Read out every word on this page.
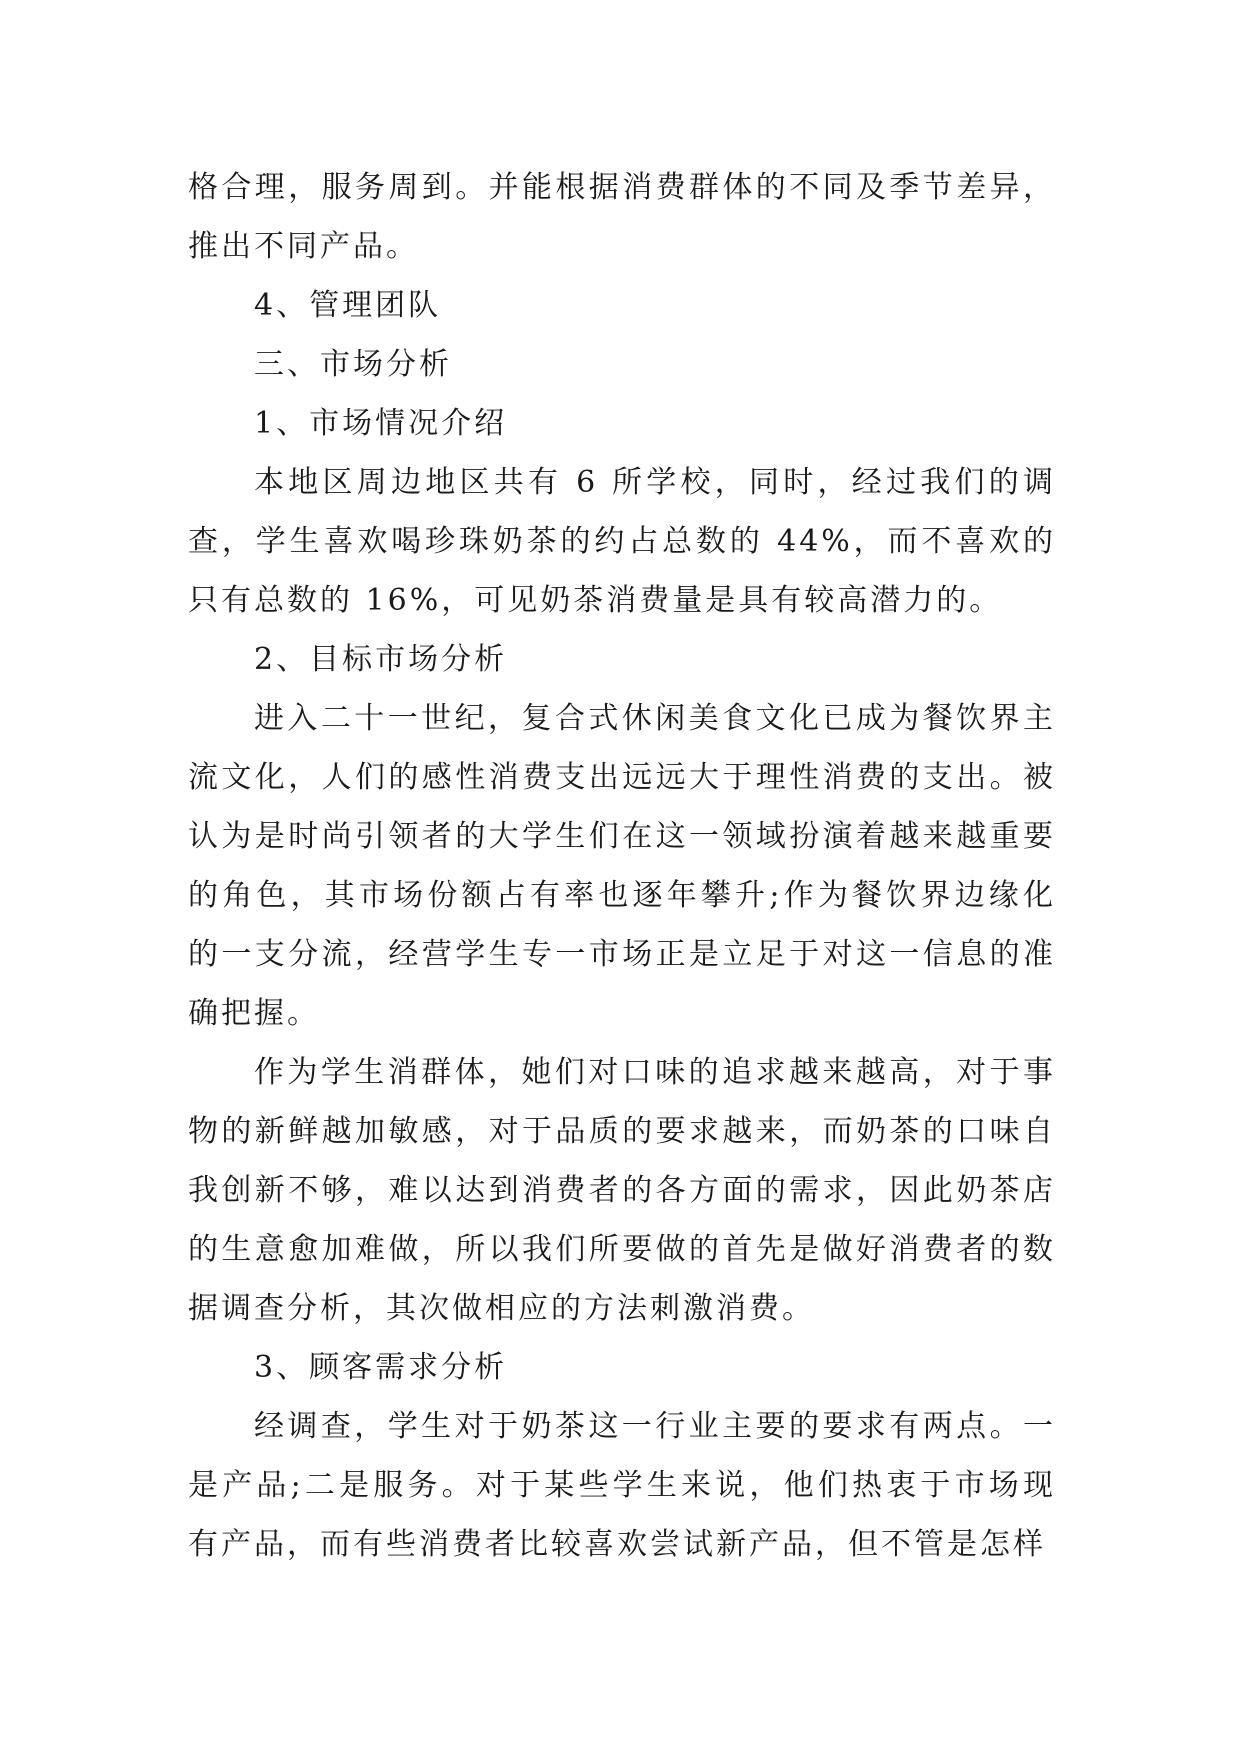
格合理，服务周到。并能根据消费群体的不同及季节差异，推出不同产品。

4、管理团队

三、市场分析

1、市场情况介绍

本地区周边地区共有 6 所学校，同时，经过我们的调查，学生喜欢喝珍珠奶茶的约占总数的 44%，而不喜欢的只有总数的 16%，可见奶茶消费量是具有较高潜力的。

2、目标市场分析

进入二十一世纪，复合式休闲美食文化已成为餐饮界主流文化，人们的感性消费支出远远大于理性消费的支出。被认为是时尚引领者的大学生们在这一领域扮演着越来越重要的角色，其市场份额占有率也逐年攀升;作为餐饮界边缘化的一支分流，经营学生专一市场正是立足于对这一信息的准确把握。

作为学生消群体，她们对口味的追求越来越高，对于事物的新鲜越加敏感，对于品质的要求越来，而奶茶的口味自我创新不够，难以达到消费者的各方面的需求，因此奶茶店的生意愈加难做，所以我们所要做的首先是做好消费者的数据调查分析，其次做相应的方法刺激消费。

3、顾客需求分析

经调查，学生对于奶茶这一行业主要的要求有两点。一是产品;二是服务。对于某些学生来说，他们热衷于市场现有产品，而有些消费者比较喜欢尝试新产品，但不管是怎样
